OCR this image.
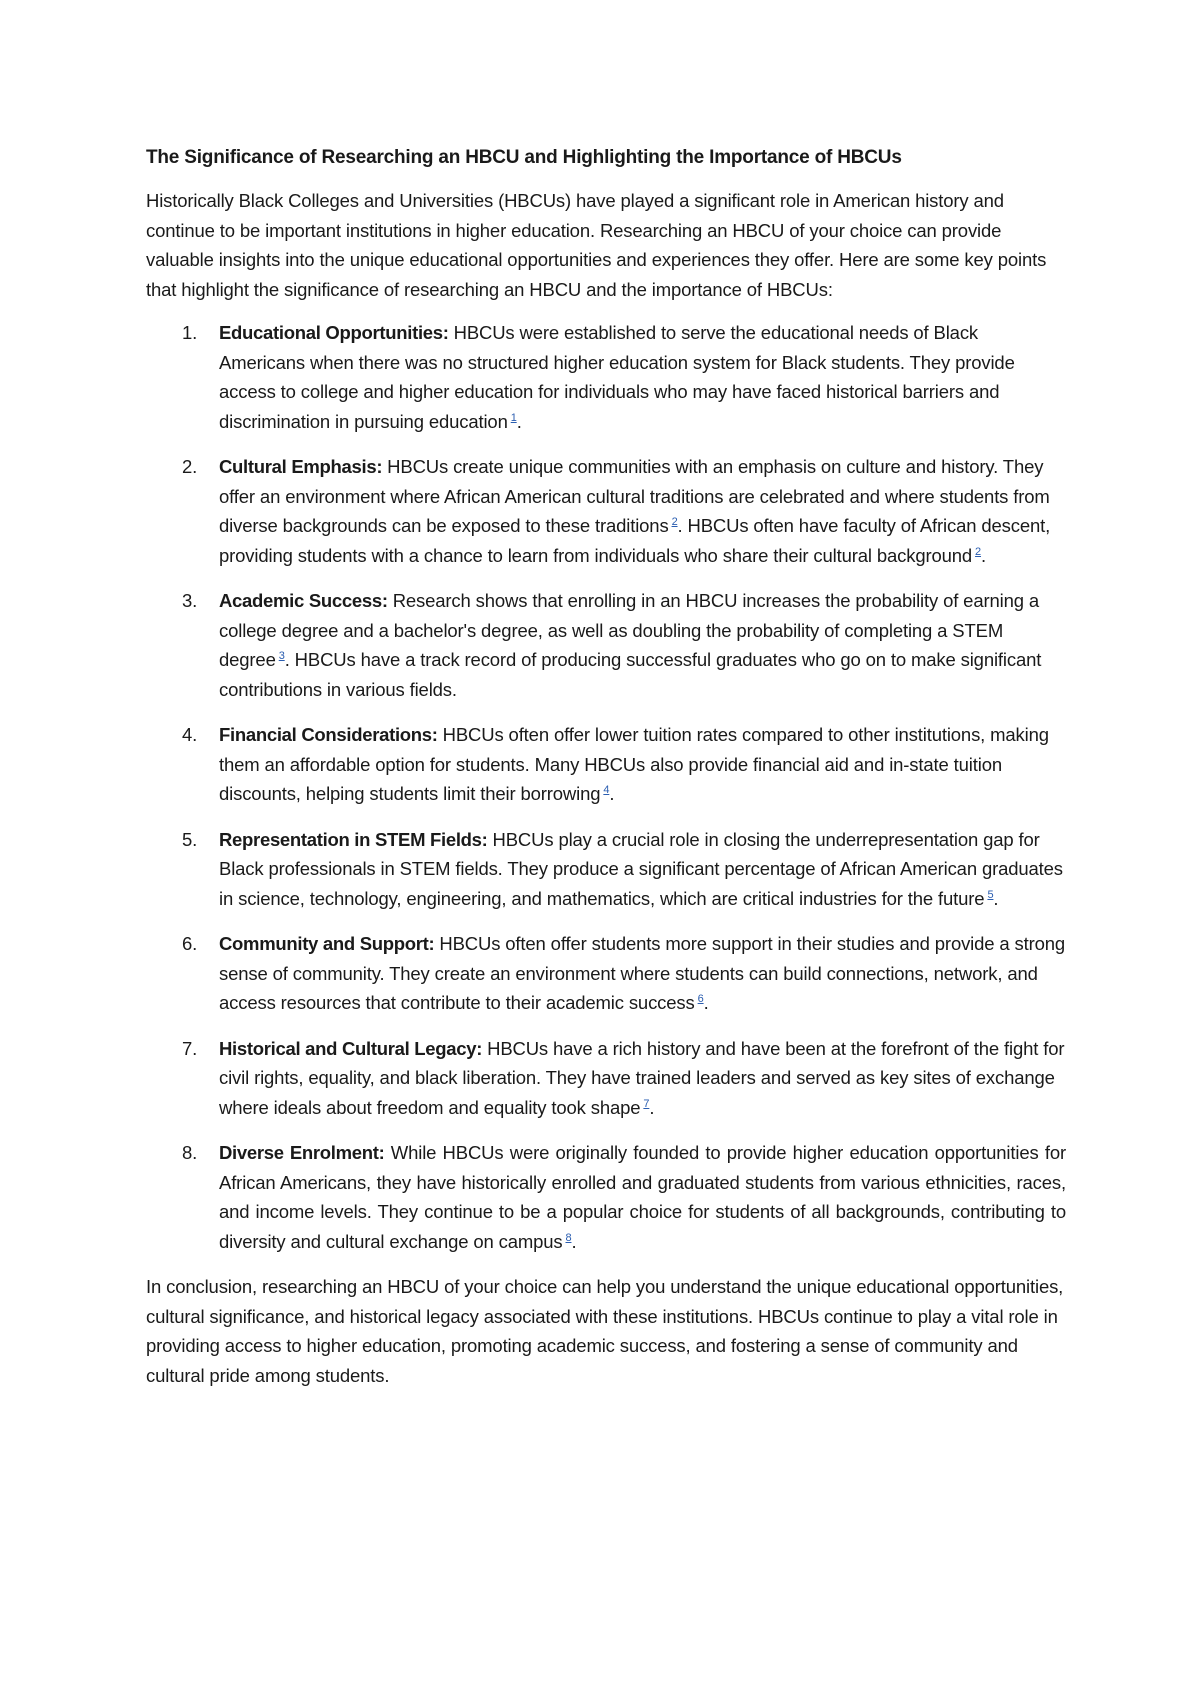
The Significance of Researching an HBCU and Highlighting the Importance of HBCUs

Historically Black Colleges and Universities (HBCUs) have played a significant role in American history and continue to be important institutions in higher education. Researching an HBCU of your choice can provide valuable insights into the unique educational opportunities and experiences they offer. Here are some key points that highlight the significance of researching an HBCU and the importance of HBCUs:

1. Educational Opportunities: HBCUs were established to serve the educational needs of Black Americans when there was no structured higher education system for Black students. They provide access to college and higher education for individuals who may have faced historical barriers and discrimination in pursuing education $^1$.
2. Cultural Emphasis: HBCUs create unique communities with an emphasis on culture and history. They offer an environment where African American cultural traditions are celebrated and where students from diverse backgrounds can be exposed to these traditions $^2$. HBCUs often have faculty of African descent, providing students with a chance to learn from individuals who share their cultural background $^2$.
3. Academic Success: Research shows that enrolling in an HBCU increases the probability of earning a college degree and a bachelor's degree, as well as doubling the probability of completing a STEM degree $^3$. HBCUs have a track record of producing successful graduates who go on to make significant contributions in various fields.
4. Financial Considerations: HBCUs often offer lower tuition rates compared to other institutions, making them an affordable option for students. Many HBCUs also provide financial aid and in-state tuition discounts, helping students limit their borrowing $^4$.
5. Representation in STEM Fields: HBCUs play a crucial role in closing the underrepresentation gap for Black professionals in STEM fields. They produce a significant percentage of African American graduates in science, technology, engineering, and mathematics, which are critical industries for the future $^5$.
6. Community and Support: HBCUs often offer students more support in their studies and provide a strong sense of community. They create an environment where students can build connections, network, and access resources that contribute to their academic success $^6$.
7. Historical and Cultural Legacy: HBCUs have a rich history and have been at the forefront of the fight for civil rights, equality, and black liberation. They have trained leaders and served as key sites of exchange where ideals about freedom and equality took shape $^7$.
8. Diverse Enrolment: While HBCUs were originally founded to provide higher education opportunities for African Americans, they have historically enrolled and graduated students from various ethnicities, races, and income levels. They continue to be a popular choice for students of all backgrounds, contributing to diversity and cultural exchange on campus $^8$.

In conclusion, researching an HBCU of your choice can help you understand the unique educational opportunities, cultural significance, and historical legacy associated with these institutions. HBCUs continue to play a vital role in providing access to higher education, promoting academic success, and fostering a sense of community and cultural pride among students.
